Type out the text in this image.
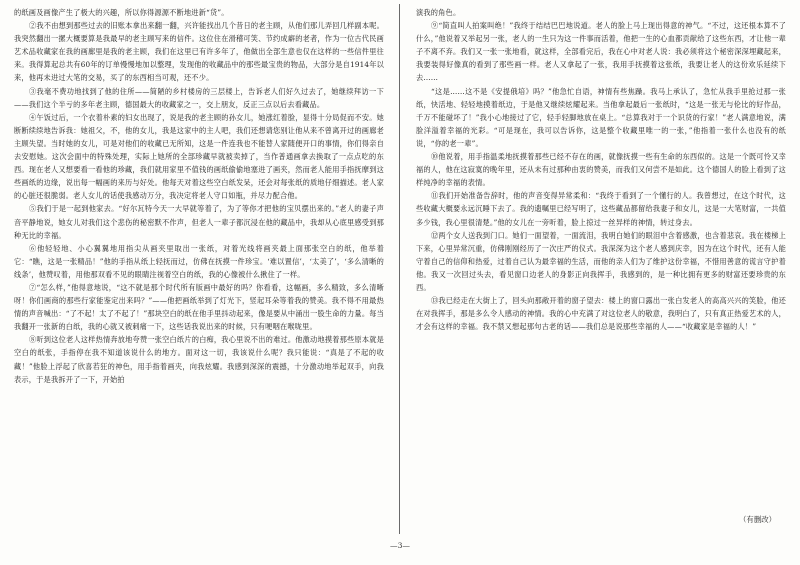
的纸画及画像产生了极大的兴趣，所以你得源源不断地进新“货”。

②我不由想到那些过去的旧账本拿出来翻一翻，兴许能找出几个昔日的老主顾，从他们那儿弄回几样副本呢。我突然翻出一摞大概要算是我最早的老主顾写来的信件。这位住在滑稽可笑、节约成癖的老者，作为一位古代民画艺术品收藏家在我的画廊里是我的老主顾，我们在这里已有许多年了，他做出全部生意也仅在这样的一些信件里往来。我得算起总共有60年的订单慢慢地加以整理，发现他的收藏品中的那些最宝贵的物品，大部分是自1914年以来，他再未进过大笔的交易，买了的东西相当可观，还不少。

③我毫不费功地找到了他的住所——简陋的乡村楼房的三层楼上，告诉老人们好久过去了，她继续拜访一下——我们这个半亏的多年老主顾，德国最大的收藏家之一，交上朋友，反正三点以后去看藏品。

④午饭过后，一个衣着朴素的妇女出现了，说是我的老主顾的孙女儿，她涨红着脸，显得十分局促而不安。她断断续续地告诉我：她祖父，不，他的女儿，我是这家中的主人吧，我们还想请您别让他从来不曾离开过的画廊老主顾失望。当时她的女儿，可是对他们的收藏已无所知，这是一件连我也不能替人家随便开口的事情，你们得亲自去安慰她。这次会面中的特殊处理，实际上她所的全部珍藏早就被卖掉了，当作普通画拿去换取了一点点吃的东西。现在老人又想要看一看他的珍藏，我们就用家里不值钱的画纸偷偷地塞进了画夹，然而老人能用手指抚摩到这些画纸的边缘，说出每一幅画的来历与好处。他每天对着这些空白纸发呆，还会对每张纸的质地仔细描述。老人家的心脏还很脆弱。老人女儿的话使我感动万分，我决定将老人守口如瓶，并尽力配合他。

⑤我们于是一起到他家去。“好尔瓦特今天一大早就等着了，为了等你才把他的宝贝摆出来的。”老人的妻子声音平静地说，她女儿对我们这个悲伤的秘密默不作声，但老人一辈子都沉浸在他的藏品中，我却从心底里感受到那种无比的幸福。

⑥他轻轻地、小心翼翼地用指尖从画夹里取出一张纸，对着光线将画夹最上面那张空白的纸，他举着它：“瞧，这是一张精品！”他的手指从纸上轻抚而过，仿佛在抚摸一件珍宝。‘难以置信’，‘太美了’，‘多么清晰的线条’，他赞叹着，用他那双看不见的眼睛注视着空白的纸，我的心像被什么揪住了一样。

⑦“怎么样，”他得意地说，“这不就是那个时代所有版画中最好的吗？你看看，这幅画，多么精致，多么清晰呀！你们画商的那些行家能鉴定出来吗？”——他把画纸举到了灯光下，竖起耳朵等着我的赞美。我不得不用最热情的声音喊出：“了不起！太了不起了！”那块空白的纸在他手里抖动起来，像是要从中涌出一股生命的力量。每当我翻开一张新的白纸，我的心就又被刺痛一下，这些话我说出来的时候，只有哽咽在喉咙里。

⑧听到这位老人这样热情奔放地夸赞一张空白纸片的白痴，我心里说不出的难过。他激动地摸着那些原本就是空白的纸张，手指停在我不知道该说什么的地方。面对这一切，我该说什么呢？我只能说：“真是了不起的收藏！”他脸上浮起了欣喜若狂的神色，用手指着画夹，向我炫耀。我感到深深的震撼，十分激动地举起双手，向我表示，于是我拆开了一下，开始拍

演我的角色。

⑨“简直叫人拍案叫绝！”我终于结结巴巴地说道。老人的脸上马上现出得意的神气。“不过，这还根本算不了什么，”他说着又举起另一张，老人的一生只为这一件事而活着，他把一生的心血都贡献给了这些东西，才让他一辈子不离不弃。我们又一张一张地看，就这样，全部看完后，我在心中对老人说：我必须将这个秘密深深埋藏起来，我要装得好像真的看到了那些画一样。老人又拿起了一张，我用手抚摸着这张纸，我要让老人的这份欢乐延续下去……

“这是……这不是《安提俄培》吗？”他急忙自语，神情有些焦躁。我马上承认了，急忙从我手里抢过那一张纸，快活地、轻轻地摸着纸边，于是他又继续炫耀起来。当他拿起最后一张纸时，“这是一张无与伦比的好作品，千万不能碰坏了！”我小心地接过了它，轻手轻脚地放在桌上。“总算我对于一个识货的行家！”老人满意地说，满脸洋溢着幸福的光彩。“可是现在，我可以告诉你，这是整个收藏里唯一的一张，”他指着一张什么也没有的纸说，“你的老一辈”。

⑩他说着，用手指温柔地抚摸着那些已经不存在的画，就像抚摸一些有生命的东西似的。这是一个既可怜又幸福的人，他在这寂寞的晚年里，还从未有过那种由衷的赞美，而我们又何尝不是如此。这个德国人的脸上看到了这样纯净的幸福的表情。

⑪我们开始准备告辞时，他的声音变得异常柔和：“我终于看到了一个懂行的人。我曾想过，在这个时代，这些收藏大概要永远沉睡下去了。我的遗嘱里已经写明了，这些藏品都留给我妻子和女儿，这是一大笔财富，一共值多少钱，我心里很清楚。”他的女儿在一旁听着，脸上掠过一丝异样的神情，转过身去。

⑫两个女人送我到门口。她们一面望着，一面流泪，我明白她们的眼泪中含着感激，也含着悲哀。我在楼梯上下来，心里异常沉重，仿佛刚刚经历了一次庄严的仪式。我深深为这个老人感到庆幸，因为在这个时代，还有人能守着自己的信仰和热爱，过着自己认为最幸福的生活，而他的亲人们为了维护这份幸福，不惜用善意的谎言守护着他。我又一次回过头去，看见窗口边老人的身影正向我挥手，我感到的，是一种比拥有更多的财富还要珍贵的东西。

⑬我已经走在大街上了，回头向那敞开着的窗子望去：楼上的窗口露出一张白发老人的高高兴兴的笑脸，他还在对我挥手，那是多么令人感动的神情。我的心中充满了对这位老人的敬意，我明白了，只有真正热爱艺术的人，才会有这样的幸福。我不禁又想起那句古老的话——我们总是说那些幸福的人——“收藏家是幸福的人！”

（有删改）
—3—
